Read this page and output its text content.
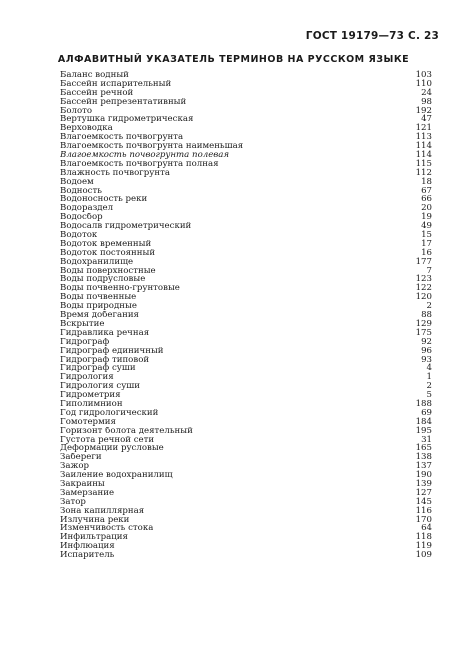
ГОСТ 19179—73 С. 23
АЛФАВИТНЫЙ УКАЗАТЕЛЬ ТЕРМИНОВ НА РУССКОМ ЯЗЫКЕ
Баланс водный	103
Бассейн испарительный	110
Бассейн речной	24
Бассейн репрезентативный	98
Болото	192
Вертушка гидрометрическая	47
Верховодка	121
Влагоемкость почвогрунта	113
Влагоемкость почвогрунта наименьшая	114
Влагоемкость почвогрунта полевая	114
Влагоемкость почвогрунта полная	115
Влажность почвогрунта	112
Водоем	18
Водность	67
Водоносность реки	66
Водораздел	20
Водосбор	19
Водосалв гидрометрический	49
Водоток	15
Водоток временный	17
Водоток постоянный	16
Водохранилище	177
Воды поверхностные	7
Воды подрусловые	123
Воды почвенно-грунтовые	122
Воды почвенные	120
Воды природные	2
Время добегания	88
Вскрытие	129
Гидравлика речная	175
Гидрограф	92
Гидрограф единичный	96
Гидрограф типовой	93
Гидрограф суши	4
Гидрология	1
Гидрология суши	2
Гидрометрия	5
Гиполимнион	188
Год гидрологический	69
Гомотермия	184
Горизонт болота деятельный	195
Густота речной сети	31
Деформации русловые	165
Забереги	138
Зажор	137
Заиление водохранилищ	190
Закраины	139
Замерзание	127
Затор	145
Зона капиллярная	116
Излучина реки	170
Изменчивость стока	64
Инфильтрация	118
Инфлюация	119
Испаритель	109
